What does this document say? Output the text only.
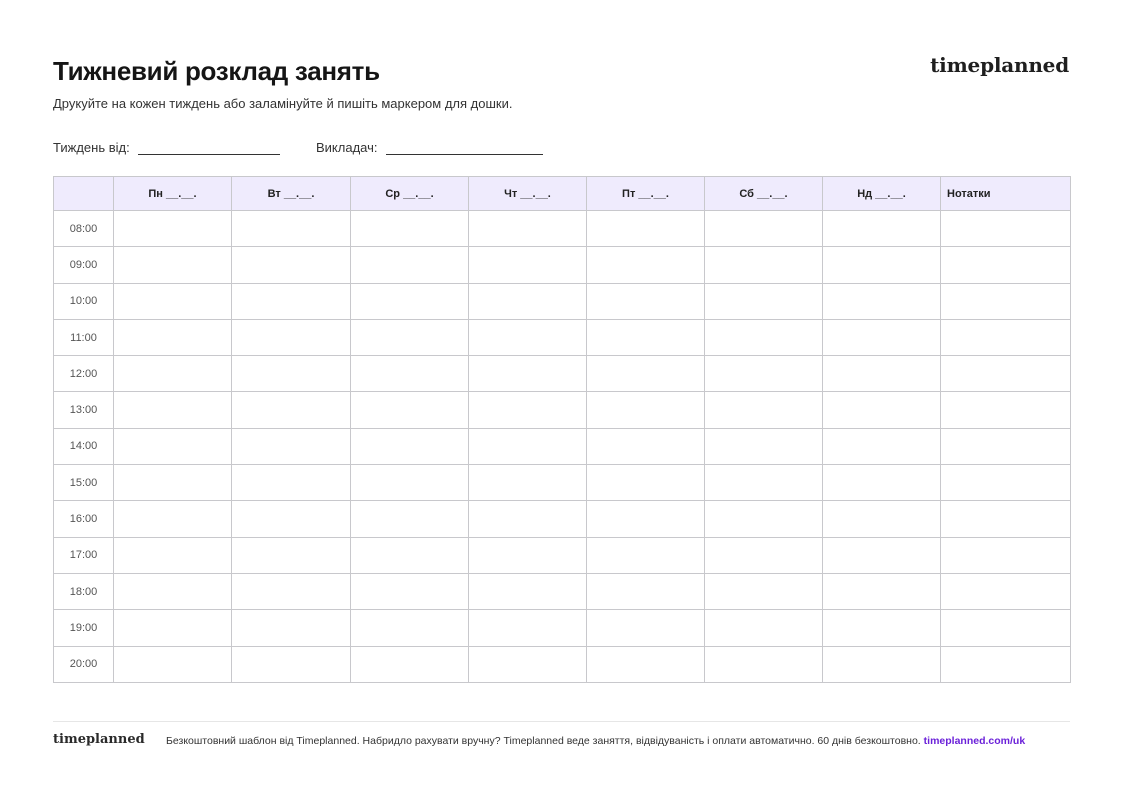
Тижневий розклад занять	timeplanned
Друкуйте на кожен тиждень або заламінуйте й пишіть маркером для дошки.
Тиждень від:	Викладач:
	Пн __.__.	Вт __.__.	Ср __.__.	Чт __.__.	Пт __.__.	Сб __.__.	Нд __.__.	Нотатки
08:00								
09:00								
10:00								
11:00								
12:00								
13:00								
14:00								
15:00								
16:00								
17:00								
18:00								
19:00								
20:00								
timeplanned Безкоштовний шаблон від Timeplanned. Набридло рахувати вручну? Timeplanned веде заняття, відвідуваність і оплати автоматично. 60 днів безкоштовно. timeplanned.com/uk
